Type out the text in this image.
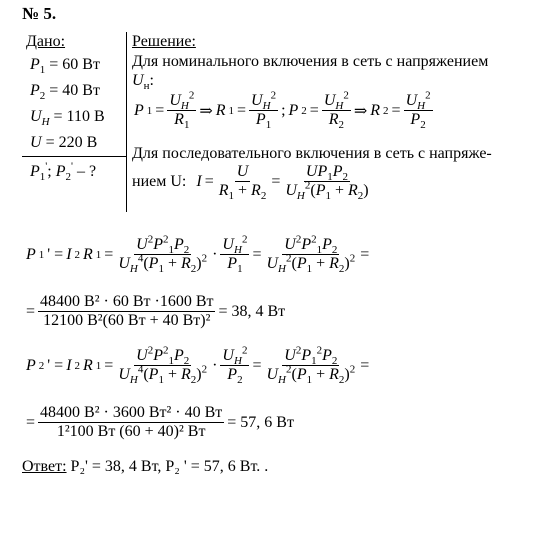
№ 5.
Дано:
$P_1 = 60$ Вт
$P_2 = 40$ Вт
$U_H = 110$ В
U = 220 В
$P_1'$; $P_2'$ – ?
Решение:
Для номинального включения в сеть с напряжением
$U_н$:
P $1 = \frac{U_H^2}{R_1}$ ⇒ R $1 = \frac{U_H^2}{P_1}$ ; P $2 = \frac{U_H^2}{R_2}$ ⇒ R $2 = \frac{U_H^2}{P_2}$
Для последовательного включения в сеть с напряже-
нием U:
$I = \frac{U}{R_1 + R_2} = \frac{UP_1P_2}{U_H^2(P_1 + R_2)}$
P 1 ' = I 2 R $1 = \frac{U^2P^2_1P_2}{U_H^4(P_1 + R_2)^2} \cdot \frac{U_H^2}{P_1} = \frac{U^2P^2_1P_2}{U_H^2(P_1 + R_2)^2}$ =
= $\frac{\text{48400 В² · 60 Вт ·1600 Вт}}{\text{12100 В²(60 Вт + 40 Вт)²}} = 38$, 4 Вт
P 2 ' = I 2 R $1 = \frac{U^2P^2_1P_2}{U_H^4(P_1 + R_2)^2} \cdot \frac{U_H^2}{P_2} = \frac{U^2P_1^2P_2}{U_H^2(P_1 + R_2)^2}$ =
= $\frac{\text{48400 В² · 3600 Вт² · 40 Вт}}{\text{1²100 Вт (60 + 40)² Вт}} = 57$, 6 Вт
Ответ: P₂' = 38, 4 Вт, P₂ ' = 57, 6 Вт. .
